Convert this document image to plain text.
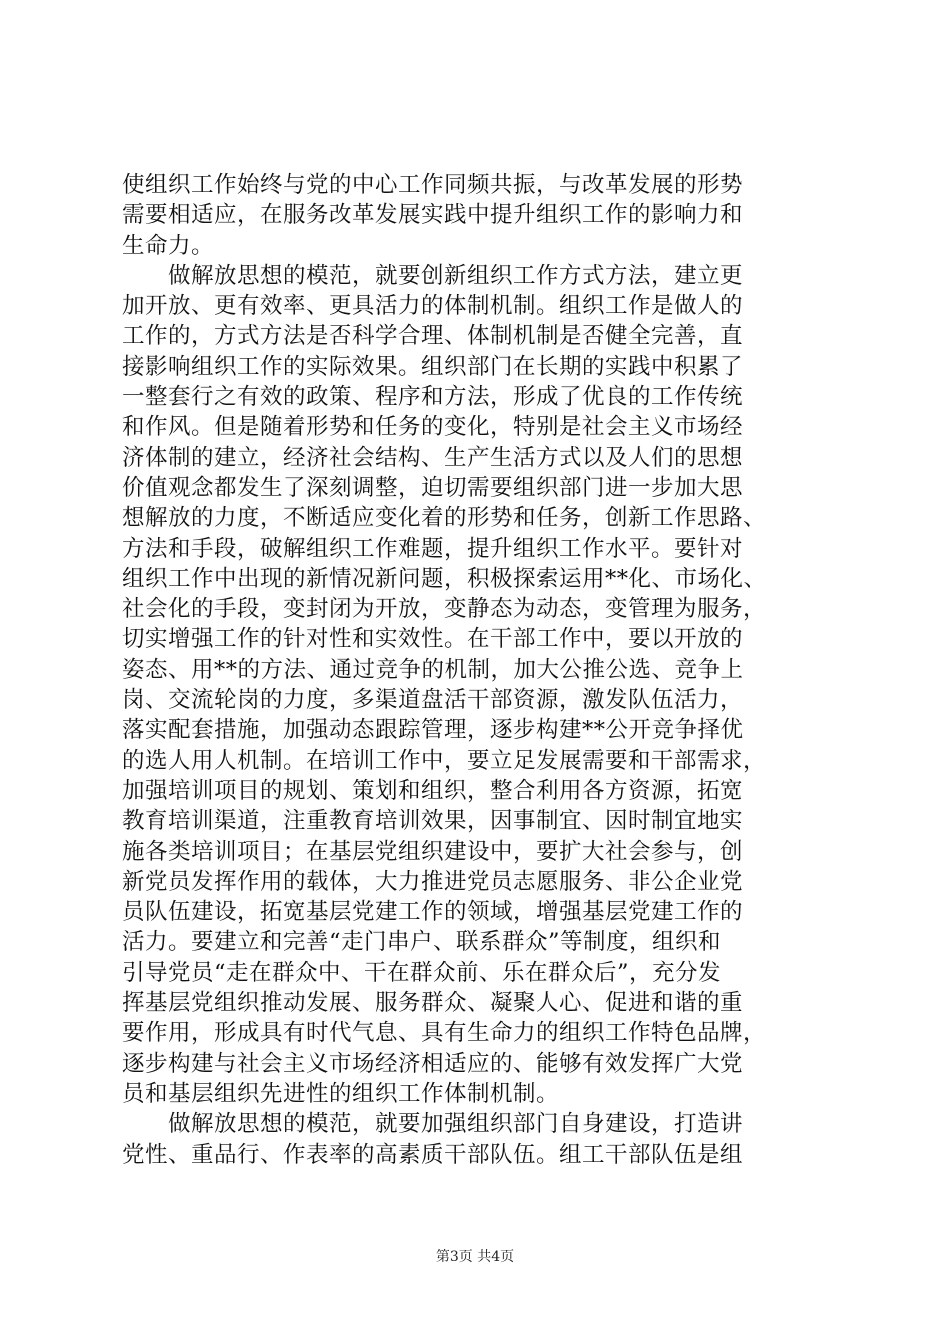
使组织工作始终与党的中心工作同频共振，与改革发展的形势
需要相适应，在服务改革发展实践中提升组织工作的影响力和
生命力。
　　做解放思想的模范，就要创新组织工作方式方法，建立更
加开放、更有效率、更具活力的体制机制。组织工作是做人的
工作的，方式方法是否科学合理、体制机制是否健全完善，直
接影响组织工作的实际效果。组织部门在长期的实践中积累了
一整套行之有效的政策、程序和方法，形成了优良的工作传统
和作风。但是随着形势和任务的变化，特别是社会主义市场经
济体制的建立，经济社会结构、生产生活方式以及人们的思想
价值观念都发生了深刻调整，迫切需要组织部门进一步加大思
想解放的力度，不断适应变化着的形势和任务，创新工作思路、
方法和手段，破解组织工作难题，提升组织工作水平。要针对
组织工作中出现的新情况新问题，积极探索运用**化、市场化、
社会化的手段，变封闭为开放，变静态为动态，变管理为服务，
切实增强工作的针对性和实效性。在干部工作中，要以开放的
姿态、用**的方法、通过竞争的机制，加大公推公选、竞争上
岗、交流轮岗的力度，多渠道盘活干部资源，激发队伍活力，
落实配套措施，加强动态跟踪管理，逐步构建**公开竞争择优
的选人用人机制。在培训工作中，要立足发展需要和干部需求，
加强培训项目的规划、策划和组织，整合利用各方资源，拓宽
教育培训渠道，注重教育培训效果，因事制宜、因时制宜地实
施各类培训项目；在基层党组织建设中，要扩大社会参与，创
新党员发挥作用的载体，大力推进党员志愿服务、非公企业党
员队伍建设，拓宽基层党建工作的领域，增强基层党建工作的
活力。要建立和完善“走门串户、联系群众”等制度，组织和
引导党员“走在群众中、干在群众前、乐在群众后”，充分发
挥基层党组织推动发展、服务群众、凝聚人心、促进和谐的重
要作用，形成具有时代气息、具有生命力的组织工作特色品牌，
逐步构建与社会主义市场经济相适应的、能够有效发挥广大党
员和基层组织先进性的组织工作体制机制。
　　做解放思想的模范，就要加强组织部门自身建设，打造讲
党性、重品行、作表率的高素质干部队伍。组工干部队伍是组
第3页 共4页
